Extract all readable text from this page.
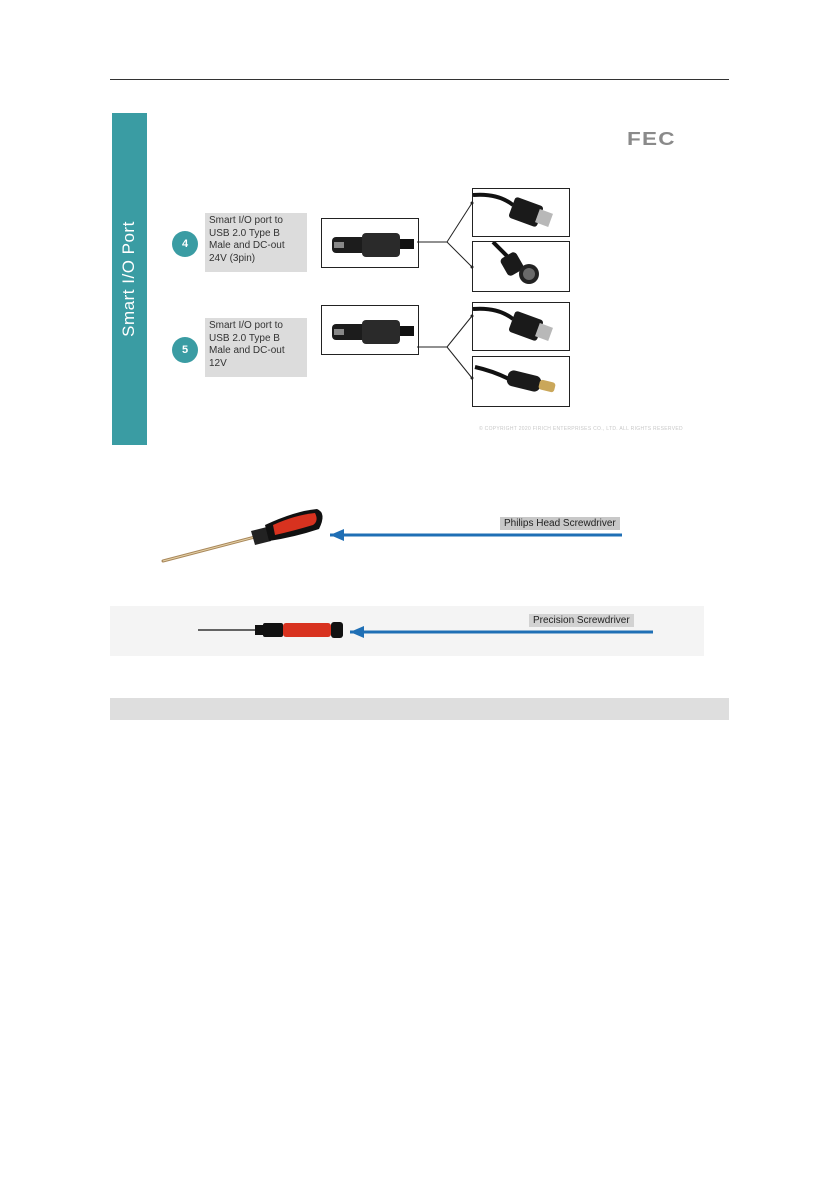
Smart I/O Port
FEC
4
Smart I/O port to
USB 2.0 Type B
Male and DC-out
24V (3pin)
5
Smart I/O port to
USB 2.0 Type B
Male and DC-out
12V
© COPYRIGHT 2020 FIRICH ENTERPRISES CO., LTD. ALL RIGHTS RESERVED
Philips Head Screwdriver
Precision Screwdriver
